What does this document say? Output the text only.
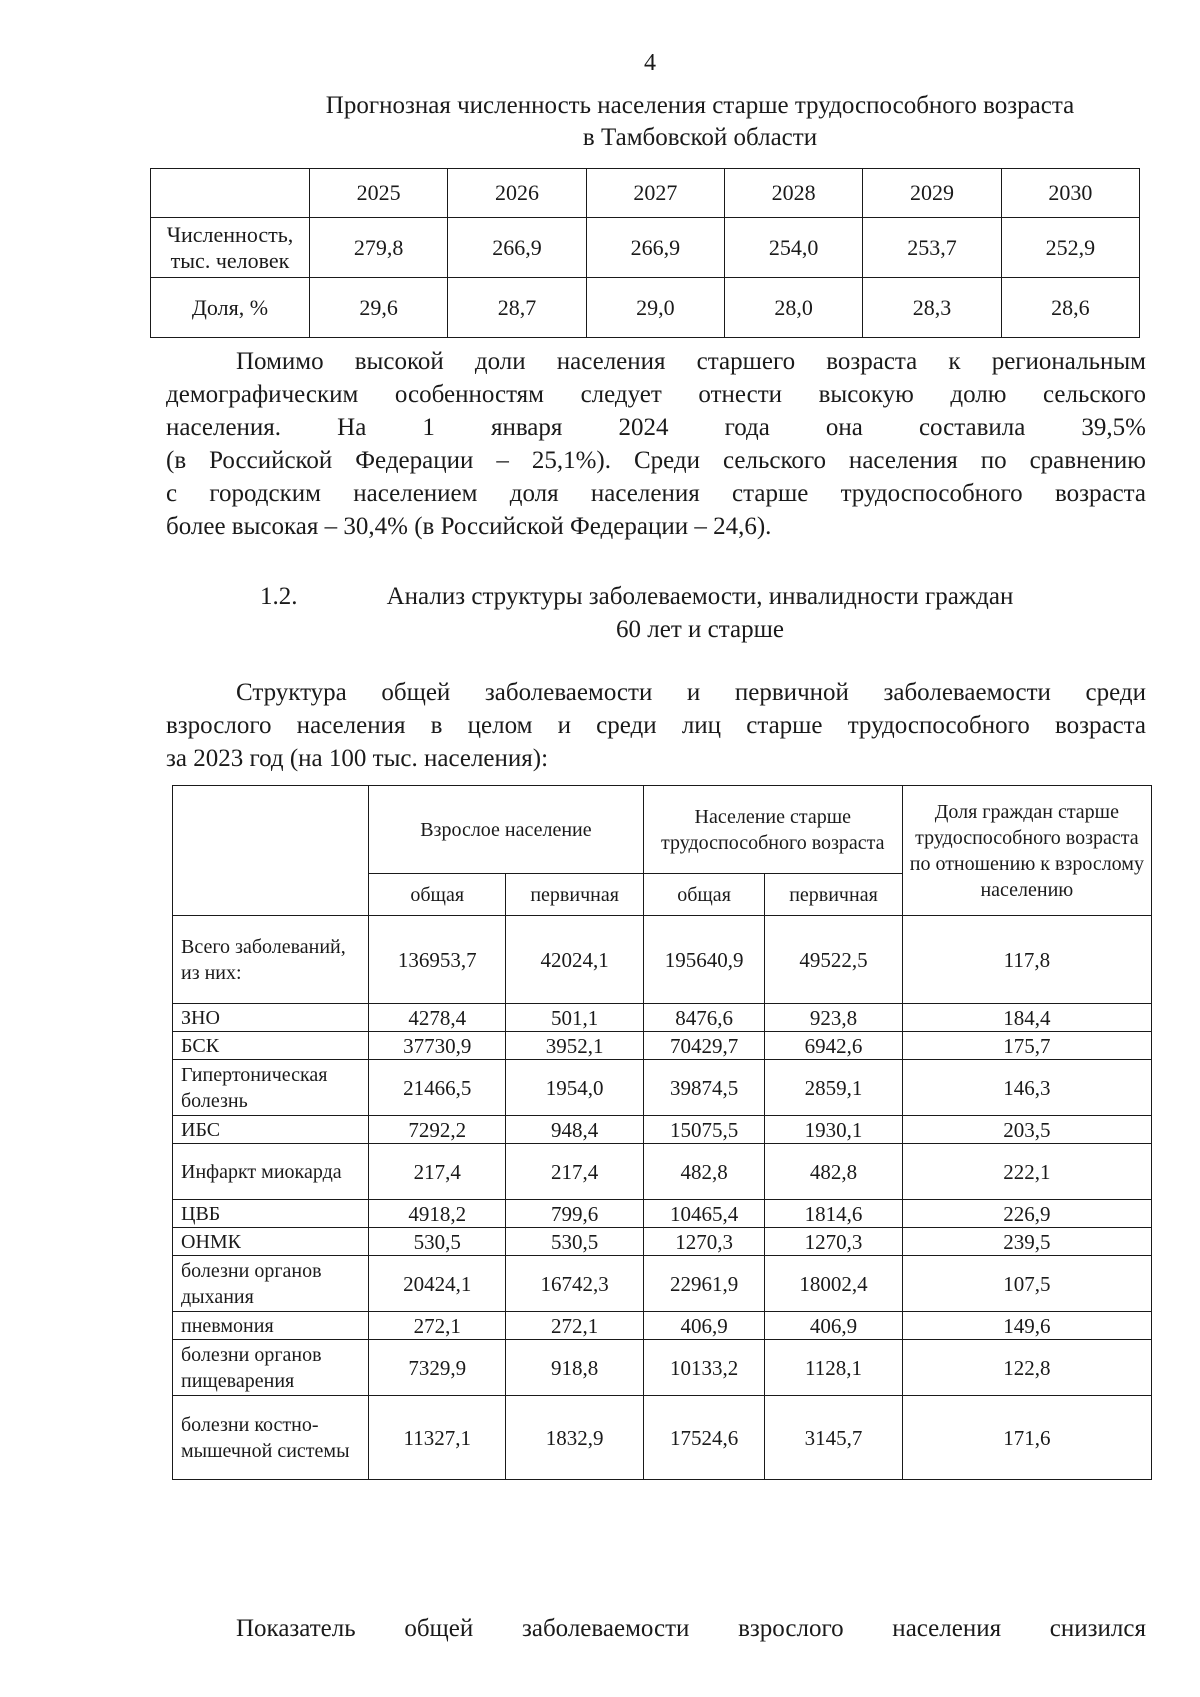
4
Прогнозная численность населения старше трудоспособного возраста
в Тамбовской области
	2025	2026	2027	2028	2029	2030
Численность, тыс. человек	279,8	266,9	266,9	254,0	253,7	252,9
Доля, %	29,6	28,7	29,0	28,0	28,3	28,6
Помимо высокой доли населения старшего возраста к региональным
демографическим особенностям следует отнести высокую долю сельского
населения. На 1 января 2024 года она составила 39,5%
(в Российской Федерации – 25,1%). Среди сельского населения по сравнению
с городским населением доля населения старше трудоспособного возраста
более высокая – 30,4% (в Российской Федерации – 24,6).
1.2.	Анализ структуры заболеваемости, инвалидности граждан
60 лет и старше
Структура общей заболеваемости и первичной заболеваемости среди
взрослого населения в целом и среди лиц старше трудоспособного возраста
за 2023 год (на 100 тыс. населения):
	Взрослое население		Население старше трудоспособного возраста		Доля граждан старше трудоспособного возраста по отношению к взрослому населению
	общая	первичная	общая	первичная	
Всего заболеваний, из них:	136953,7	42024,1	195640,9	49522,5	117,8
ЗНО	4278,4	501,1	8476,6	923,8	184,4
БСК	37730,9	3952,1	70429,7	6942,6	175,7
Гипертоническая болезнь	21466,5	1954,0	39874,5	2859,1	146,3
ИБС	7292,2	948,4	15075,5	1930,1	203,5
Инфаркт миокарда	217,4	217,4	482,8	482,8	222,1
ЦВБ	4918,2	799,6	10465,4	1814,6	226,9
ОНМК	530,5	530,5	1270,3	1270,3	239,5
болезни органов дыхания	20424,1	16742,3	22961,9	18002,4	107,5
пневмония	272,1	272,1	406,9	406,9	149,6
болезни органов пищеварения	7329,9	918,8	10133,2	1128,1	122,8
болезни костно-мышечной системы	11327,1	1832,9	17524,6	3145,7	171,6
Показатель общей заболеваемости взрослого населения снизился
